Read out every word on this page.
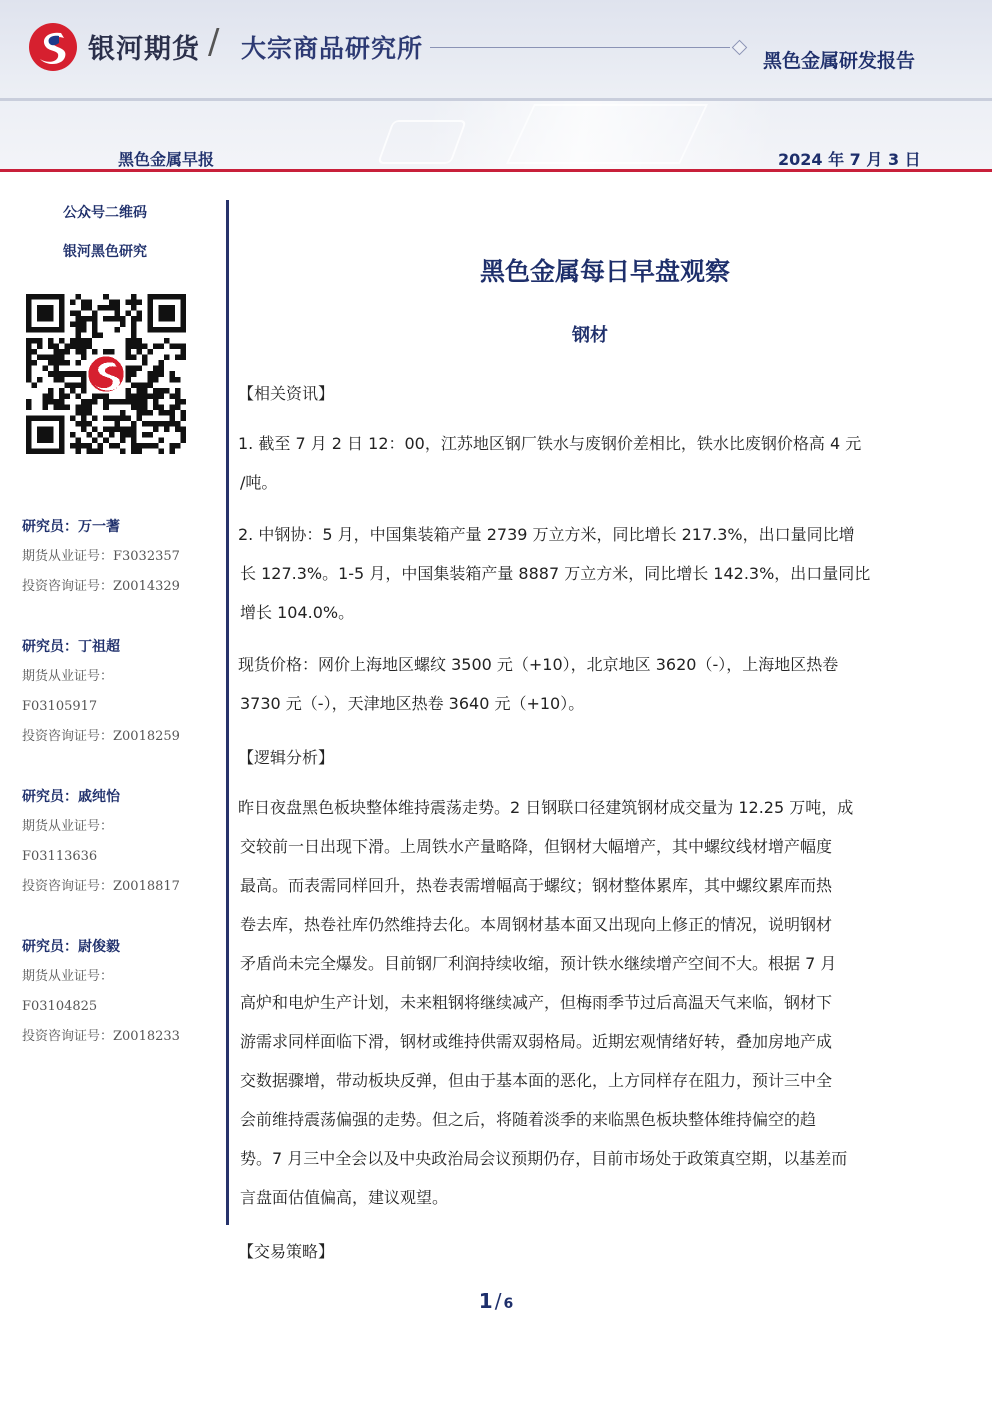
银河期货 / 大宗商品研究所	黑色金属研发报告
黑色金属早报	2024 年 7 月 3 日
公众号二维码
银河黑色研究
研究员：万一蓍
期货从业证号：F3032357
投资咨询证号：Z0014329
研究员：丁祖超
期货从业证号：
F03105917
投资咨询证号：Z0018259
研究员：戚纯怡
期货从业证号：
F03113636
投资咨询证号：Z0018817
研究员：尉俊毅
期货从业证号：
F03104825
投资咨询证号：Z0018233
黑色金属每日早盘观察
钢材
【相关资讯】
1. 截至 7 月 2 日 12：00，江苏地区钢厂铁水与废钢价差相比，铁水比废钢价格高 4 元
/吨。
2. 中钢协：5 月，中国集装箱产量 2739 万立方米，同比增长 217.3%，出口量同比增
长 127.3%。1-5 月，中国集装箱产量 8887 万立方米，同比增长 142.3%，出口量同比
增长 104.0%。
现货价格：网价上海地区螺纹 3500 元（+10），北京地区 3620（-），上海地区热卷
3730 元（-），天津地区热卷 3640 元（+10）。
【逻辑分析】
昨日夜盘黑色板块整体维持震荡走势。2 日钢联口径建筑钢材成交量为 12.25 万吨，成
交较前一日出现下滑。上周铁水产量略降，但钢材大幅增产，其中螺纹线材增产幅度
最高。而表需同样回升，热卷表需增幅高于螺纹；钢材整体累库，其中螺纹累库而热
卷去库，热卷社库仍然维持去化。本周钢材基本面又出现向上修正的情况，说明钢材
矛盾尚未完全爆发。目前钢厂利润持续收缩，预计铁水继续增产空间不大。根据 7 月
高炉和电炉生产计划，未来粗钢将继续减产，但梅雨季节过后高温天气来临，钢材下
游需求同样面临下滑，钢材或维持供需双弱格局。近期宏观情绪好转，叠加房地产成
交数据骤增，带动板块反弹，但由于基本面的恶化，上方同样存在阻力，预计三中全
会前维持震荡偏强的走势。但之后，将随着淡季的来临黑色板块整体维持偏空的趋
势。7 月三中全会以及中央政治局会议预期仍存，目前市场处于政策真空期，以基差而
言盘面估值偏高，建议观望。
【交易策略】
1 / 6
